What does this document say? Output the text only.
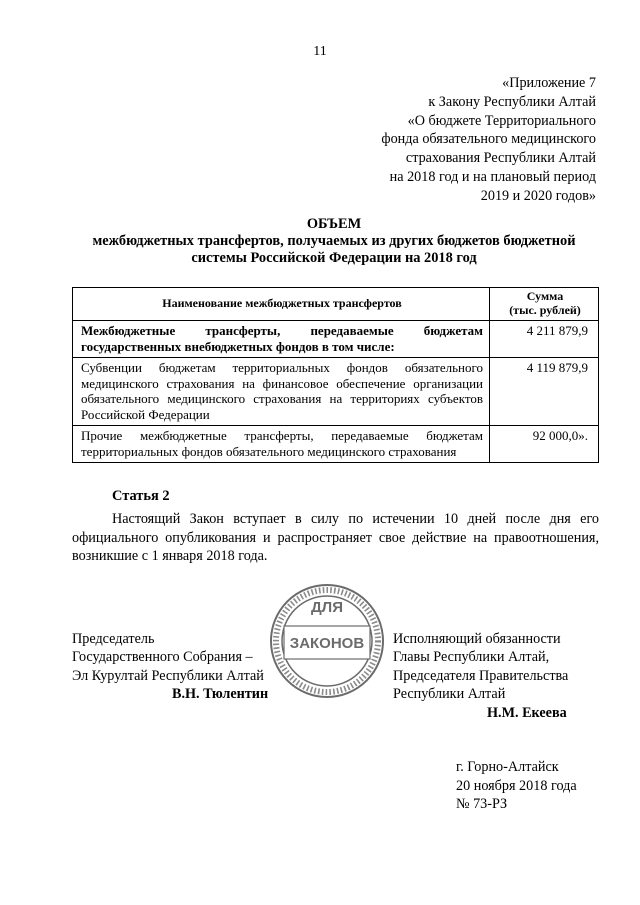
11
«Приложение 7
к Закону Республики Алтай
«О бюджете Территориального
фонда обязательного медицинского
страхования Республики Алтай
на 2018 год и на плановый период
2019 и 2020 годов»
ОБЪЕМ
межбюджетных трансфертов, получаемых из других бюджетов бюджетной
системы Российской Федерации на 2018 год
Наименование межбюджетных трансфертов	Сумма
(тыс. рублей)

Межбюджетные трансферты, передаваемые бюджетам государственных внебюджетных фондов в том числе:	4 211 879,9
Субвенции бюджетам территориальных фондов обязательного медицинского страхования на финансовое обеспечение организации обязательного медицинского страхования на территориях субъектов Российской Федерации	4 119 879,9
Прочие межбюджетные трансферты, передаваемые бюджетам территориальных фондов обязательного медицинского страхования	92 000,0».
Статья 2
Настоящий Закон вступает в силу по истечении 10 дней после дня его официального опубликования и распространяет свое действие на правоотношения, возникшие с 1 января 2018 года.
Председатель
Государственного Собрания –
Эл Курултай Республики Алтай
В.Н. Тюлентин
Исполняющий обязанности
Главы Республики Алтай,
Председателя Правительства
Республики Алтай
Н.М. Екеева
ДЛЯ
ЗАКОНОВ
г. Горно-Алтайск
20 ноября 2018 года
№ 73-РЗ
